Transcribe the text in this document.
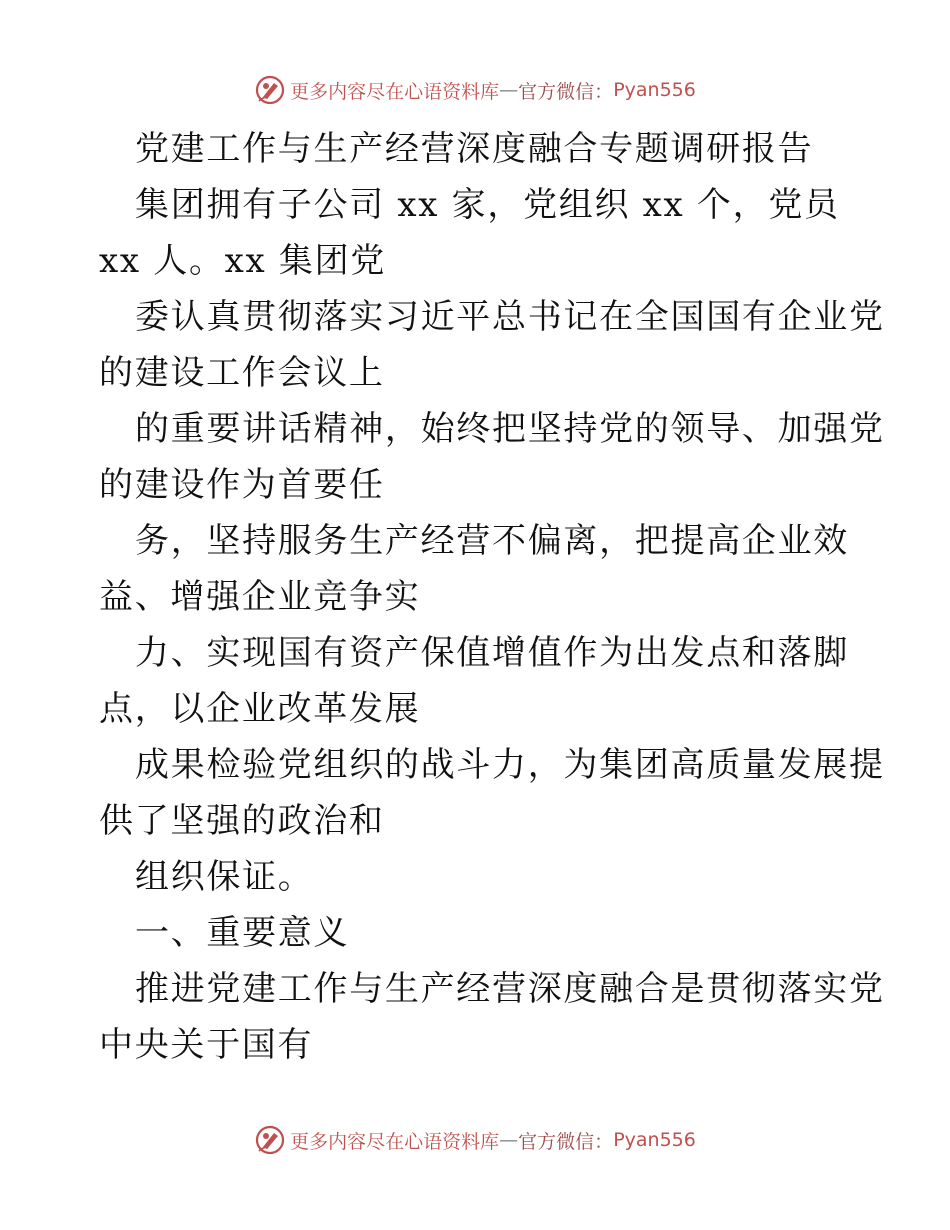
更多内容尽在心语资料库 — 官方微信： Pyan556
党建工作与生产经营深度融合专题调研报告
集团拥有子公司 xx 家，党组织 xx 个，党员
xx 人。xx 集团党
委认真贯彻落实习近平总书记在全国国有企业党
的建设工作会议上
的重要讲话精神，始终把坚持党的领导、加强党
的建设作为首要任
务，坚持服务生产经营不偏离，把提高企业效
益、增强企业竞争实
力、实现国有资产保值增值作为出发点和落脚
点，以企业改革发展
成果检验党组织的战斗力，为集团高质量发展提
供了坚强的政治和
组织保证。
一、重要意义
推进党建工作与生产经营深度融合是贯彻落实党
中央关于国有
更多内容尽在心语资料库 — 官方微信： Pyan556
